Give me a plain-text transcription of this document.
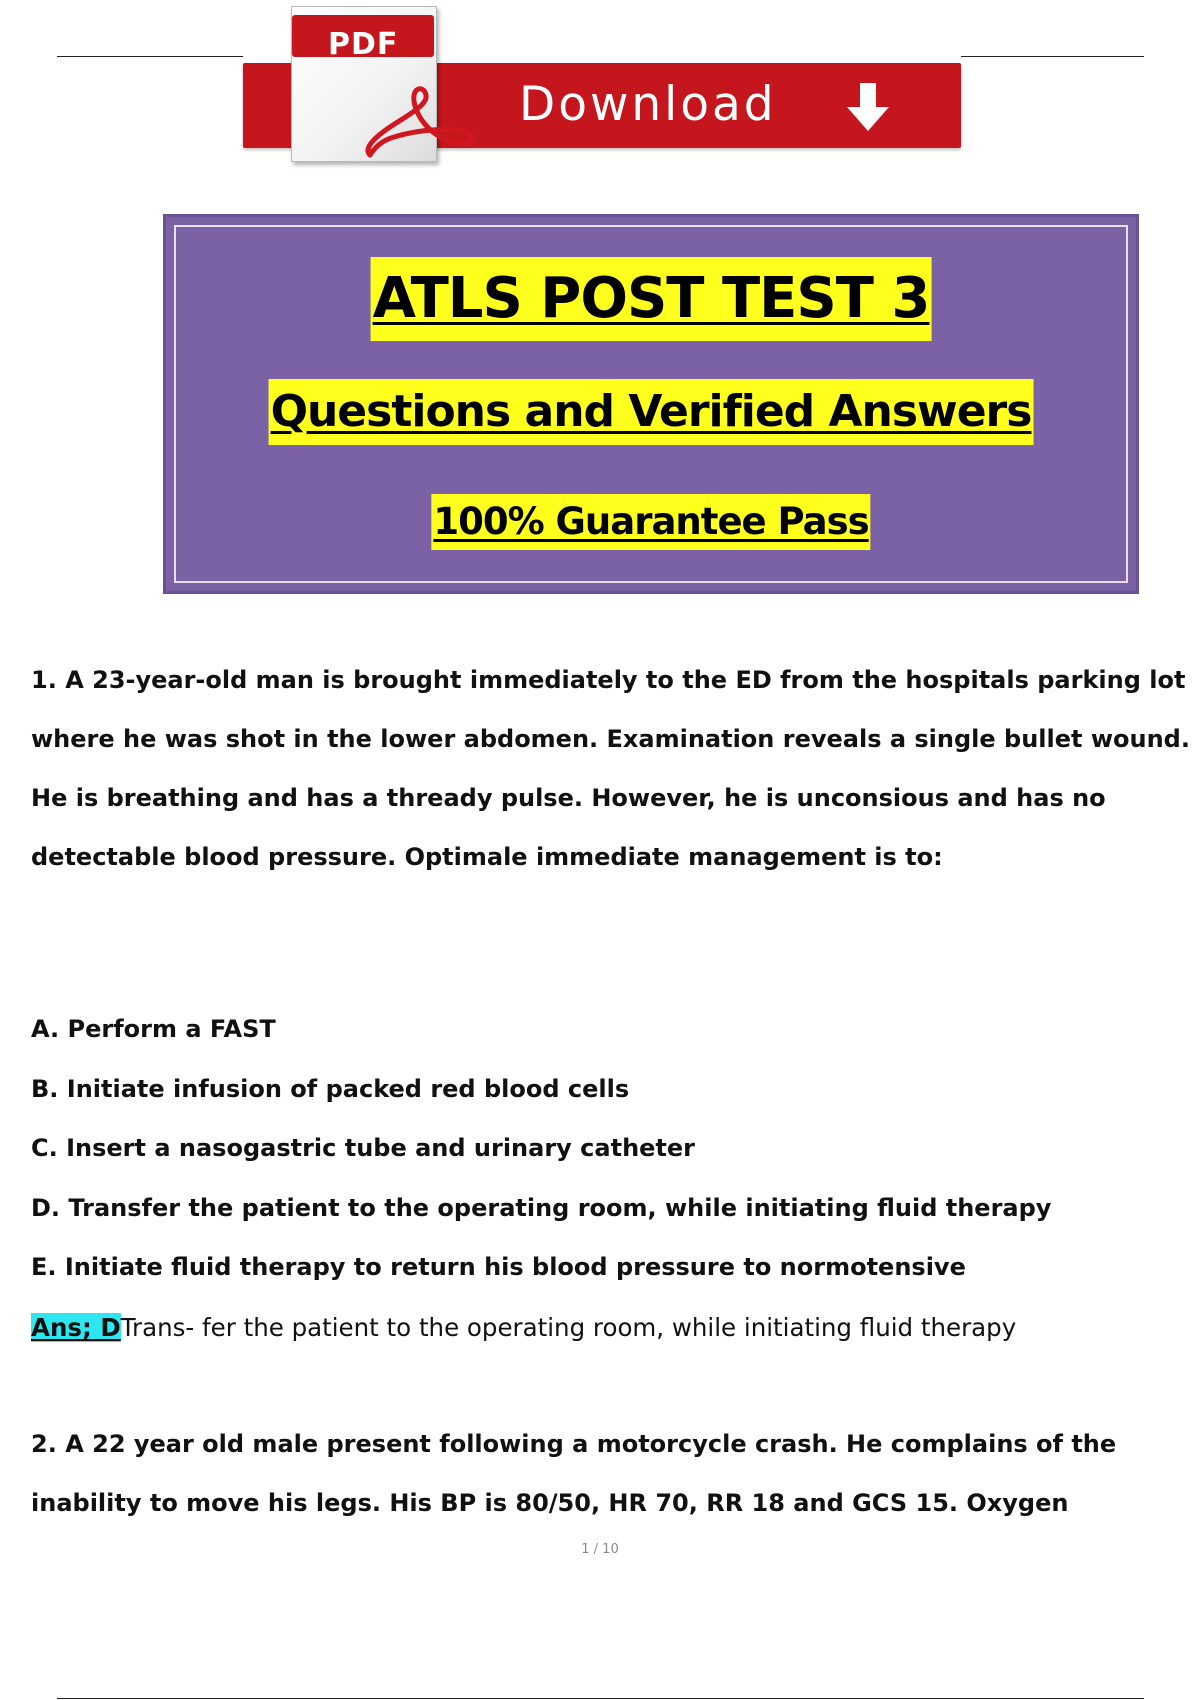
Download
PDF
ATLS POST TEST 3
Questions and Verified Answers
100% Guarantee Pass
1. A 23-year-old man is brought immediately to the ED from the hospitals parking lot where he was shot in the lower abdomen. Examination reveals a single bullet wound. He is breathing and has a thready pulse. However, he is unconsious and has no detectable blood pressure. Optimale immediate management is to:
A. Perform a FAST
B. Initiate infusion of packed red blood cells
C. Insert a nasogastric tube and urinary catheter
D. Transfer the patient to the operating room, while initiating fluid therapy
E. Initiate fluid therapy to return his blood pressure to normotensive
Ans; DTrans- fer the patient to the operating room, while initiating fluid therapy
2. A 22 year old male present following a motorcycle crash. He complains of the inability to move his legs. His BP is 80/50, HR 70, RR 18 and GCS 15. Oxygen
1 / 10
